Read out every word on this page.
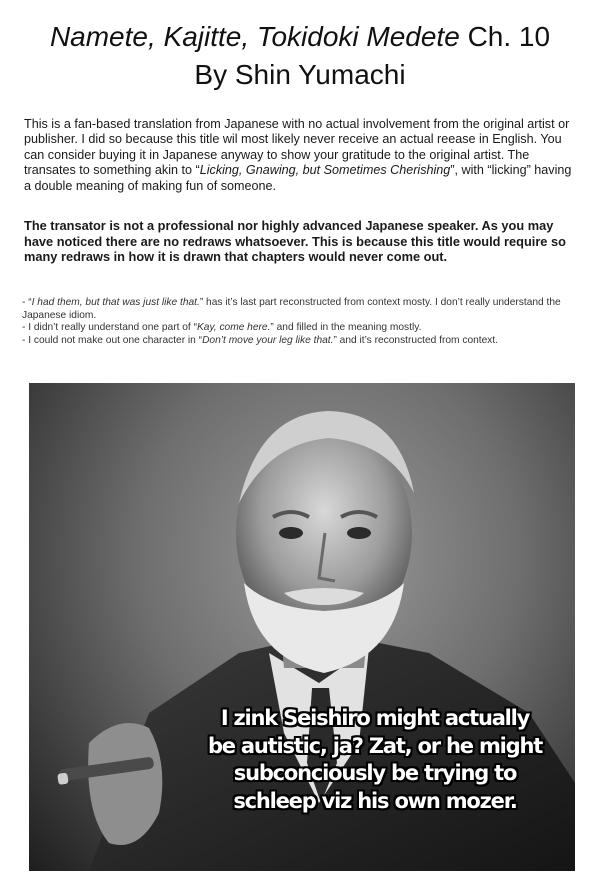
Namete, Kajitte, Tokidoki Medete Ch. 10
By Shin Yumachi

This is a fan-based translation from Japanese with no actual involvement from the original artist or publisher. I did so because this title wil most likely never receive an actual reease in English. You can consider buying it in Japanese anyway to show your gratitude to the original artist. The transates to something akin to “Licking, Gnawing, but Sometimes Cherishing”, with “licking” having a double meaning of making fun of someone.

The transator is not a professional nor highly advanced Japanese speaker. As you may have noticed there are no redraws whatsoever. This is because this title would require so many redraws in how it is drawn that chapters would never come out.

- “I had them, but that was just like that.” has it’s last part reconstructed from context mosty. I don’t really understand the Japanese idiom.
- I didn’t really understand one part of “Kay, come here.” and filled in the meaning mostly.
- I could not make out one character in “Don’t move your leg like that.” and it’s reconstructed from context.
I zink Seishiro might actually
be autistic, ja? Zat, or he might
subconciously be trying to
schleep viz his own mozer.
